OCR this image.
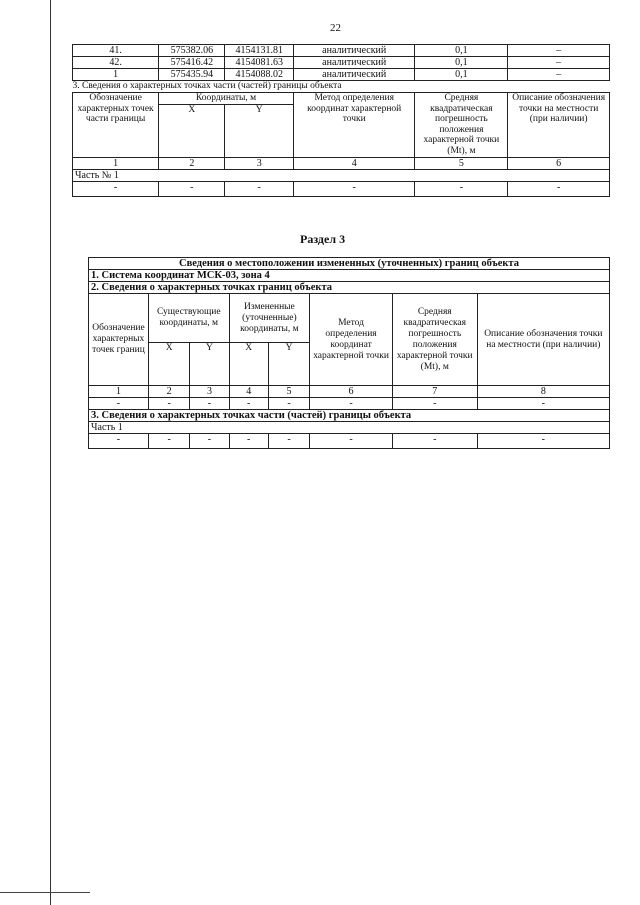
22
41.	575382.06	4154131.81	аналитический	0,1	–
42.	575416.42	4154081.63	аналитический	0,1	–
1	575435.94	4154088.02	аналитический	0,1	–
3. Сведения о характерных точках части (частей) границы объекта					
Обозначение характерных точек части границы	Координаты, м		Метод определения координат характерной точки	Средняя квадратическая погрешность положения характерной точки (Mt), м	Описание обозначения точки на местности (при наличии)
	X	Y			
1	2	3	4	5	6
Часть № 1					
-	-	-	-	-	-
Раздел 3
Сведения о местоположении измененных (уточненных) границ объекта							
1. Система координат МСК-03, зона 4							
2. Сведения о характерных точках границ объекта							
Обозначение характерных точек границ	Существующие координаты, м		Измененные (уточненные) координаты, м		Метод определения координат характерной точки	Средняя квадратическая погрешность положения характерной точки (Mt), м	Описание обозначения точки на местности (при наличии)
	X	Y	X	Y			
1	2	3	4	5	6	7	8
-	-	-	-	-	-	-	-
3. Сведения о характерных точках части (частей) границы объекта							
Часть 1							
-	-	-	-	-	-	-	-
